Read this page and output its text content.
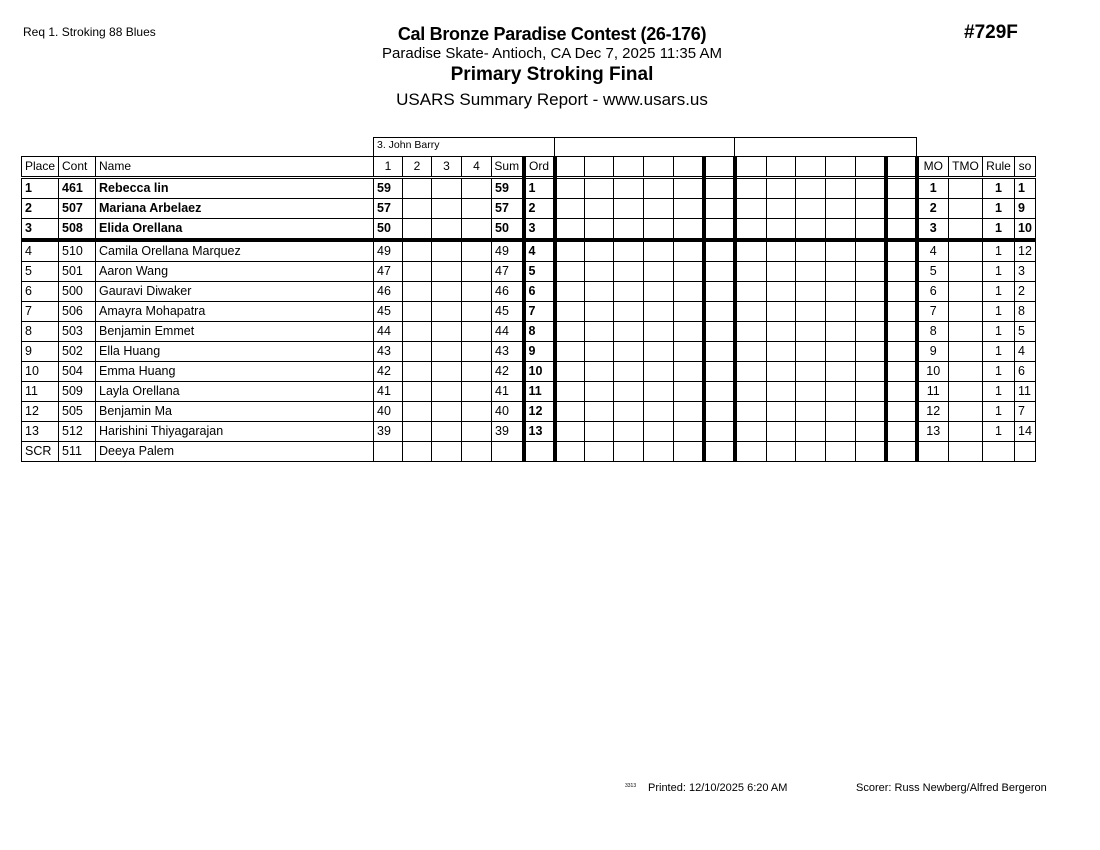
Req 1. Stroking 88 Blues	#729F
Cal Bronze Paradise Contest (26-176)
Paradise Skate- Antioch, CA Dec 7, 2025 11:35 AM
Primary Stroking Final
USARS Summary Report - www.usars.us
			3. John Barry																					
Place	Cont	Name	1	2	3	4	Sum	Ord													MO	TMO	Rule	so
1	461	Rebecca lin	59				59	1													1		1	1
2	507	Mariana Arbelaez	57				57	2													2		1	9
3	508	Elida Orellana	50				50	3													3		1	10
4	510	Camila Orellana Marquez	49				49	4													4		1	12
5	501	Aaron Wang	47				47	5													5		1	3
6	500	Gauravi Diwaker	46				46	6													6		1	2
7	506	Amayra Mohapatra	45				45	7													7		1	8
8	503	Benjamin Emmet	44				44	8													8		1	5
9	502	Ella Huang	43				43	9													9		1	4
10	504	Emma Huang	42				42	10													10		1	6
11	509	Layla Orellana	41				41	11													11		1	11
12	505	Benjamin Ma	40				40	12													12		1	7
13	512	Harishini Thiyagarajan	39				39	13													13		1	14
SCR	511	Deeya Palem																						
3313 Printed: 12/10/2025 6:20 AM	Scorer: Russ Newberg/Alfred Bergeron
